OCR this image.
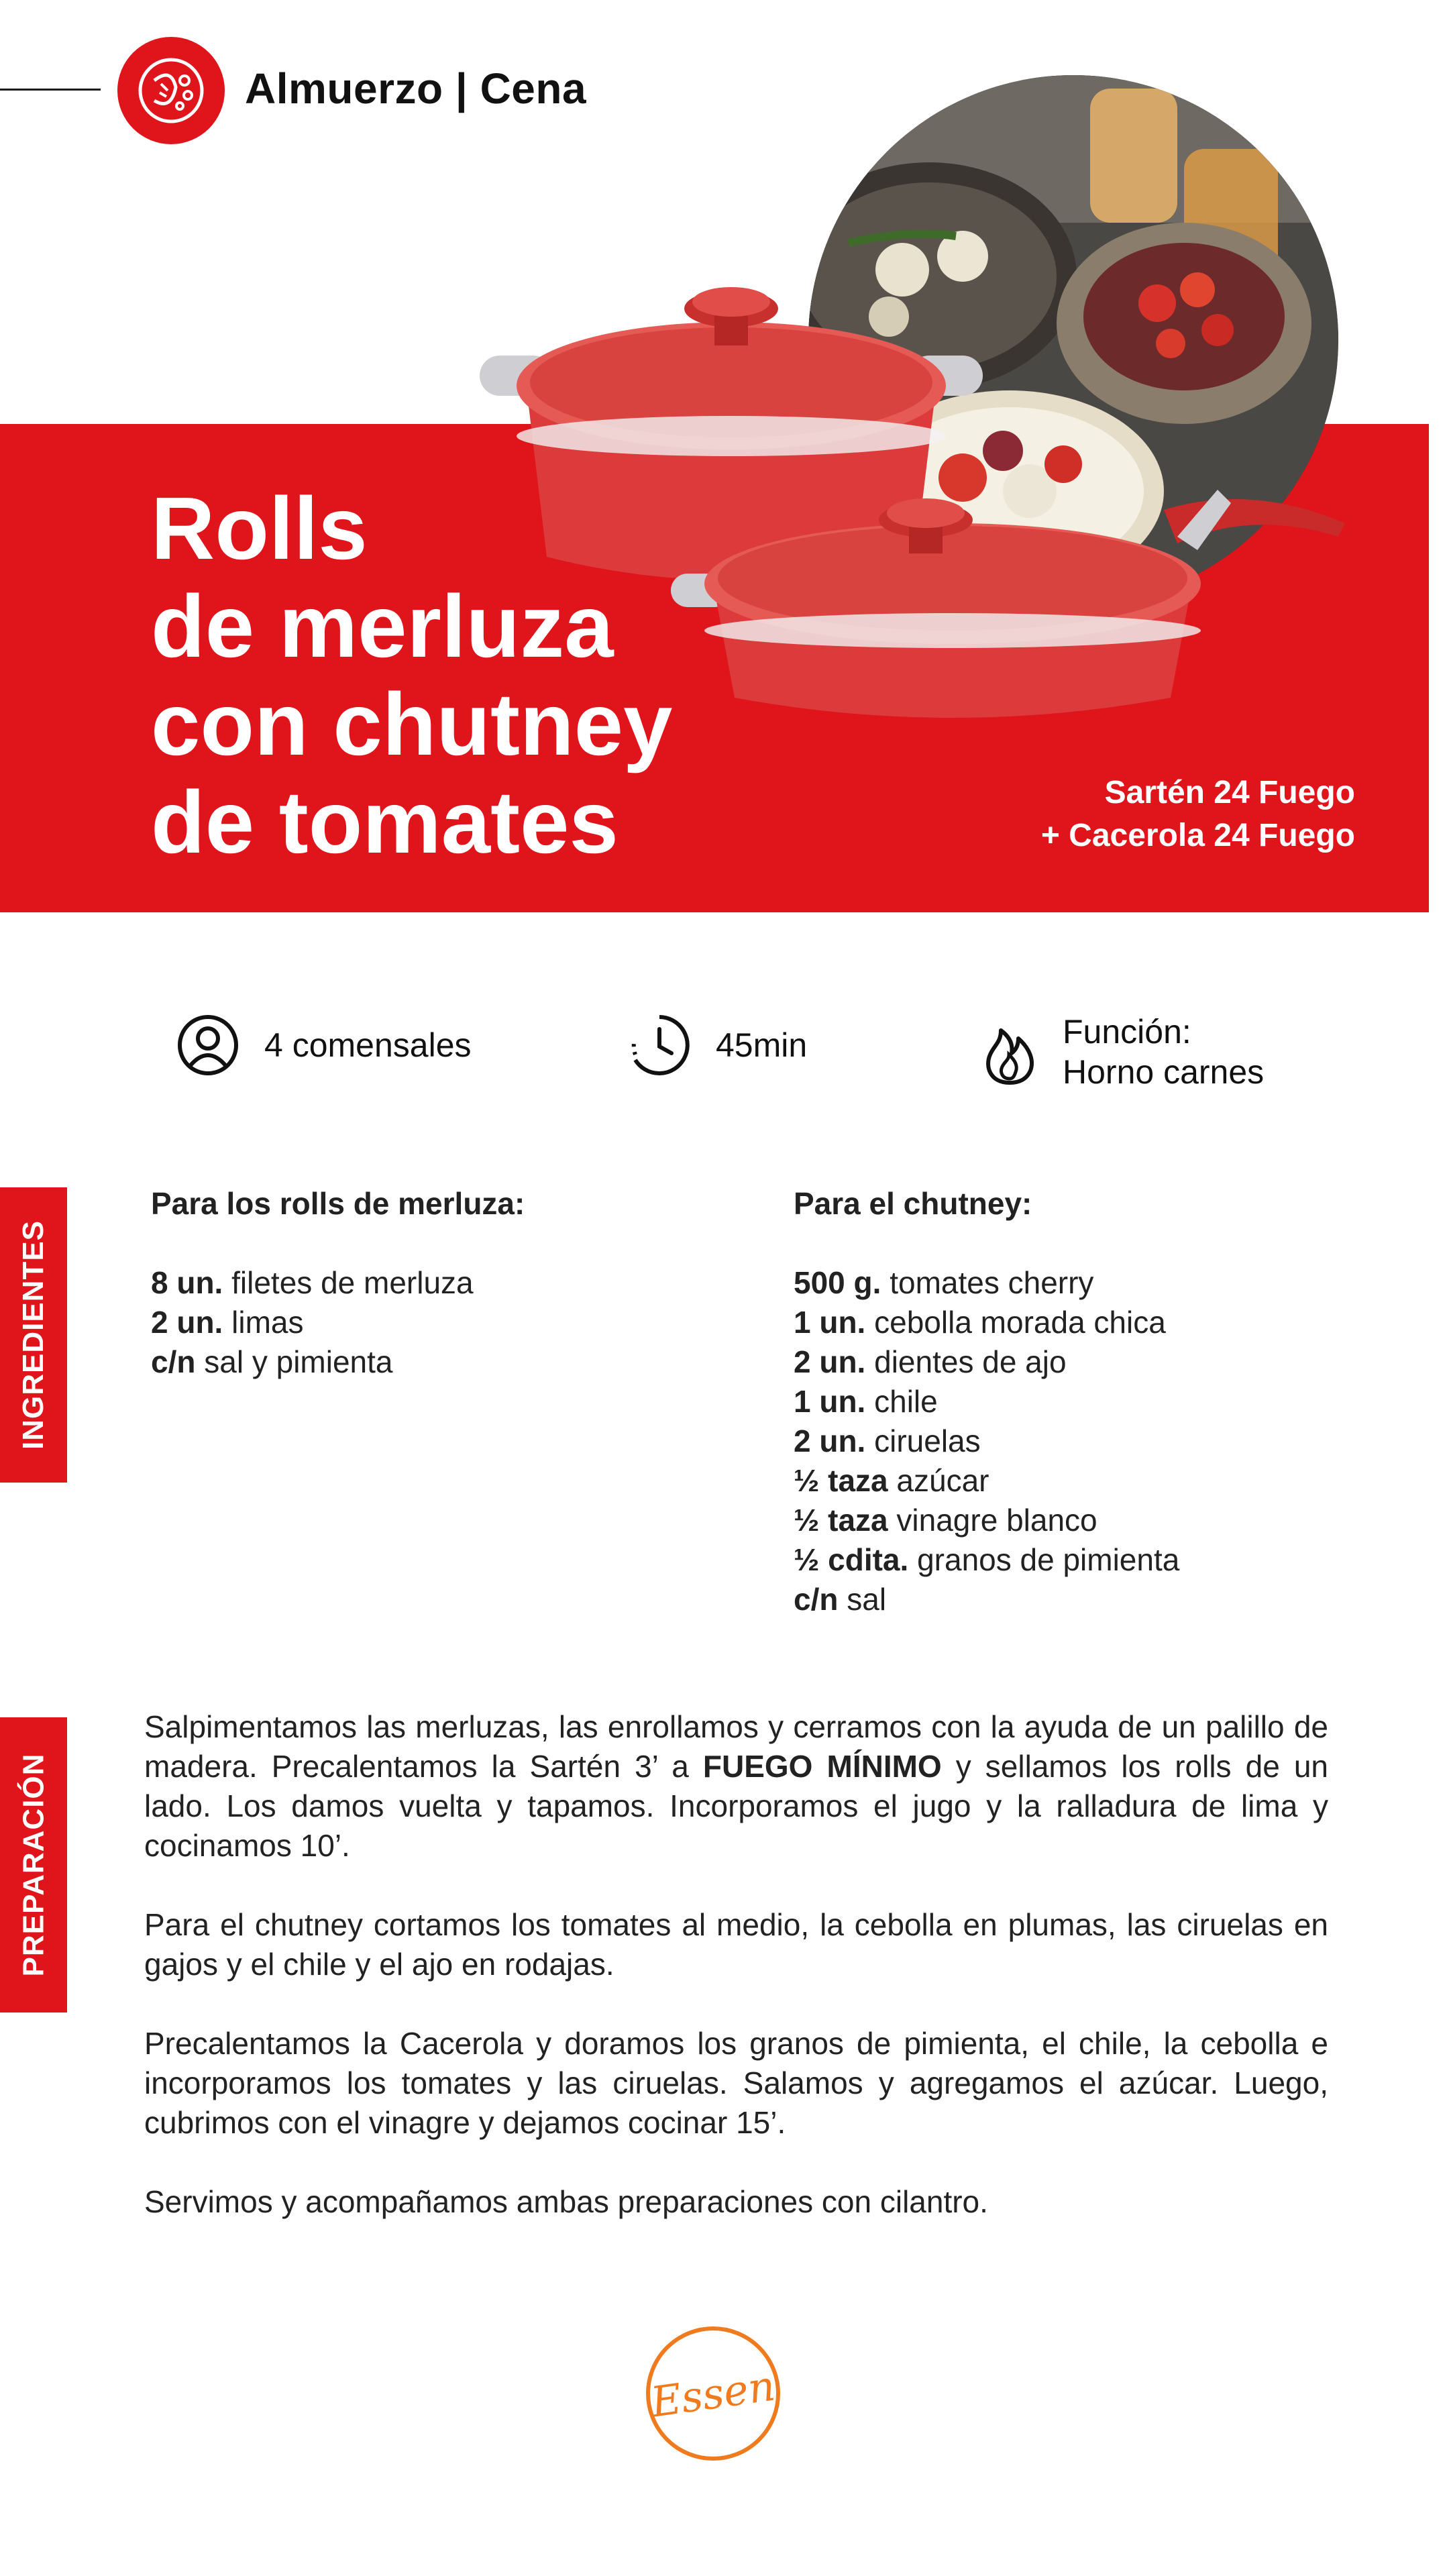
Almuerzo | Cena
Rolls
de merluza
con chutney
de tomates	Sartén 24 Fuego
+ Cacerola 24 Fuego
4 comensales	45min	Función:
Horno carnes
INGREDIENTES
Para los rolls de merluza:
8 un. filetes de merluza
2 un. limas
c/n sal y pimienta
Para el chutney:
500 g. tomates cherry
1 un. cebolla morada chica
2 un. dientes de ajo
1 un. chile
2 un. ciruelas
½ taza azúcar
½ taza vinagre blanco
½ cdita. granos de pimienta
c/n sal
PREPARACIÓN

Salpimentamos las merluzas, las enrollamos y cerramos con la ayuda de un palillo de madera. Precalentamos la Sartén 3’ a FUEGO MÍNIMO y sellamos los rolls de un lado. Los damos vuelta y tapamos. Incorporamos el jugo y la ralladura de lima y cocinamos 10’.

Para el chutney cortamos los tomates al medio, la cebolla en plumas, las ciruelas en gajos y el chile y el ajo en rodajas.

Precalentamos la Cacerola y doramos los granos de pimienta, el chile, la cebolla e incorporamos los tomates y las ciruelas. Salamos y agregamos el azúcar. Luego, cubrimos con el vinagre y dejamos cocinar 15’.

Servimos y acompañamos ambas preparaciones con cilantro.

Essen
